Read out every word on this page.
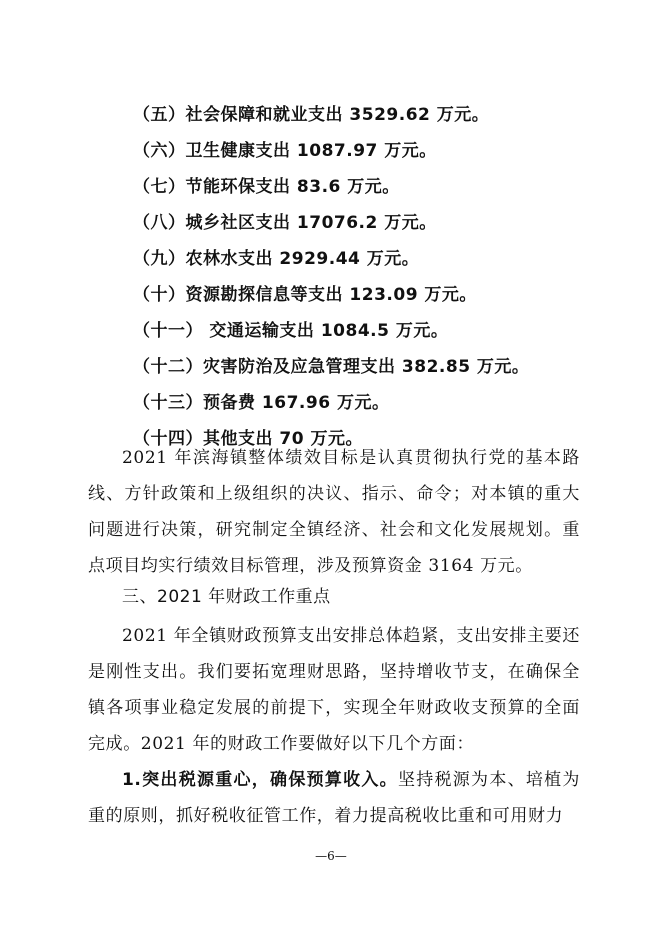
（五）社会保障和就业支出 3529.62 万元。
（六）卫生健康支出 1087.97 万元。
（七）节能环保支出 83.6 万元。
（八）城乡社区支出 17076.2 万元。
（九）农林水支出 2929.44 万元。
（十）资源勘探信息等支出 123.09 万元。
（十一） 交通运输支出 1084.5 万元。
（十二）灾害防治及应急管理支出 382.85 万元。
（十三）预备费 167.96 万元。
（十四）其他支出 70 万元。

2021 年滨海镇整体绩效目标是认真贯彻执行党的基本路线、方针政策和上级组织的决议、指示、命令；对本镇的重大问题进行决策，研究制定全镇经济、社会和文化发展规划。重点项目均实行绩效目标管理，涉及预算资金 3164 万元。

三、2021 年财政工作重点

2021 年全镇财政预算支出安排总体趋紧，支出安排主要还是刚性支出。我们要拓宽理财思路，坚持增收节支，在确保全镇各项事业稳定发展的前提下，实现全年财政收支预算的全面完成。2021 年的财政工作要做好以下几个方面：

1.突出税源重心，确保预算收入。坚持税源为本、培植为重的原则，抓好税收征管工作，着力提高税收比重和可用财力

—6—
